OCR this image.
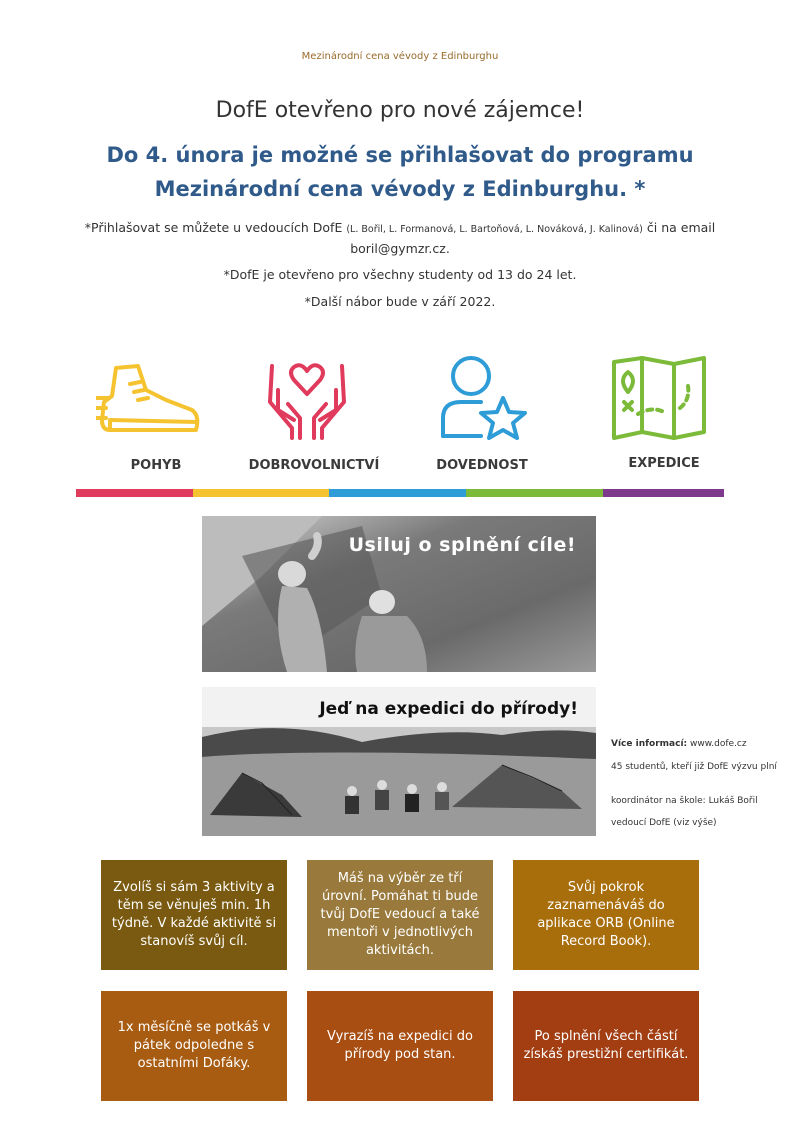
Mezinárodní cena vévody z Edinburghu
DofE otevřeno pro nové zájemce!
Do 4. února je možné se přihlašovat do programu
Mezinárodní cena vévody z Edinburghu. *
*Přihlašovat se můžete u vedoucích DofE (L. Bořil, L. Formanová, L. Bartoňová, L. Nováková, J. Kalinová) či na email
boril@gymzr.cz.
*DofE je otevřeno pro všechny studenty od 13 do 24 let.
*Další nábor bude v září 2022.
POHYB	DOBROVOLNICTVÍ	DOVEDNOST	EXPEDICE
Usiluj o splnění cíle!
Jeď na expedici do přírody!
Více informací: www.dofe.cz
45 studentů, kteří již DofE výzvu plní
koordinátor na škole: Lukáš Bořil
vedoucí DofE (viz výše)
Zvolíš si sám 3 aktivity a těm se věnuješ min. 1h týdně. V každé aktivitě si stanovíš svůj cíl.
Máš na výběr ze tří úrovní. Pomáhat ti bude tvůj DofE vedoucí a také mentoři v jednotlivých aktivitách.
Svůj pokrok zaznamenáváš do aplikace ORB (Online Record Book).
1x měsíčně se potkáš v pátek odpoledne s ostatními Dofáky.
Vyrazíš na expedici do přírody pod stan.
Po splnění všech částí získáš prestižní certifikát.
